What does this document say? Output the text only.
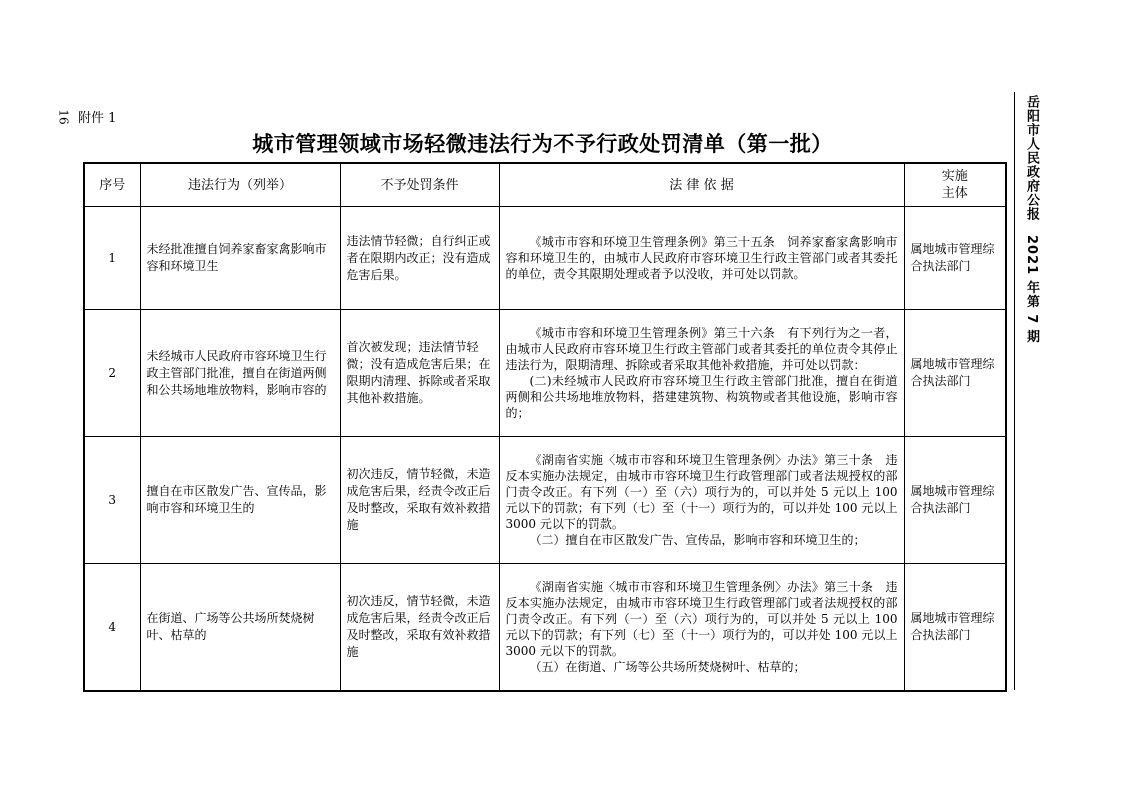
16 附件 1
城市管理领域市场轻微违法行为不予行政处罚清单（第一批）	岳阳市人民政府公报　2021 年第 7 期
序号	违法行为（列举）	不予处罚条件	法 律 依 据	实施
主体
1	未经批准擅自饲养家畜家禽影响市容和环境卫生	违法情节轻微；自行纠正或者在限期内改正；没有造成危害后果。	《城市市容和环境卫生管理条例》第三十五条　饲养家畜家禽影响市容和环境卫生的，由城市人民政府市容环境卫生行政主管部门或者其委托的单位，责令其限期处理或者予以没收，并可处以罚款。	属地城市管理综合执法部门
2	未经城市人民政府市容环境卫生行政主管部门批准，擅自在街道两侧和公共场地堆放物料，影响市容的	首次被发现；违法情节轻微；没有造成危害后果；在限期内清理、拆除或者采取其他补救措施。	《城市市容和环境卫生管理条例》第三十六条　有下列行为之一者，由城市人民政府市容环境卫生行政主管部门或者其委托的单位责令其停止违法行为，限期清理、拆除或者采取其他补救措施，并可处以罚款：

(二)未经城市人民政府市容环境卫生行政主管部门批准，擅自在街道两侧和公共场地堆放物料，搭建建筑物、构筑物或者其他设施，影响市容的；	属地城市管理综合执法部门
3	擅自在市区散发广告、宣传品，影响市容和环境卫生的	初次违反，情节轻微，未造成危害后果，经责令改正后及时整改，采取有效补救措施	《湖南省实施〈城市市容和环境卫生管理条例〉办法》第三十条　违反本实施办法规定，由城市市容环境卫生行政管理部门或者法规授权的部门责令改正。有下列（一）至（六）项行为的，可以并处 5 元以上 100 元以下的罚款；有下列（七）至（十一）项行为的，可以并处 100 元以上 3000 元以下的罚款。

（二）擅自在市区散发广告、宣传品，影响市容和环境卫生的；	属地城市管理综合执法部门
4	在街道、广场等公共场所焚烧树叶、枯草的	初次违反，情节轻微，未造成危害后果，经责令改正后及时整改，采取有效补救措施	《湖南省实施〈城市市容和环境卫生管理条例〉办法》第三十条　违反本实施办法规定，由城市市容环境卫生行政管理部门或者法规授权的部门责令改正。有下列（一）至（六）项行为的，可以并处 5 元以上 100 元以下的罚款；有下列（七）至（十一）项行为的，可以并处 100 元以上 3000 元以下的罚款。

（五）在街道、广场等公共场所焚烧树叶、枯草的；	属地城市管理综合执法部门
